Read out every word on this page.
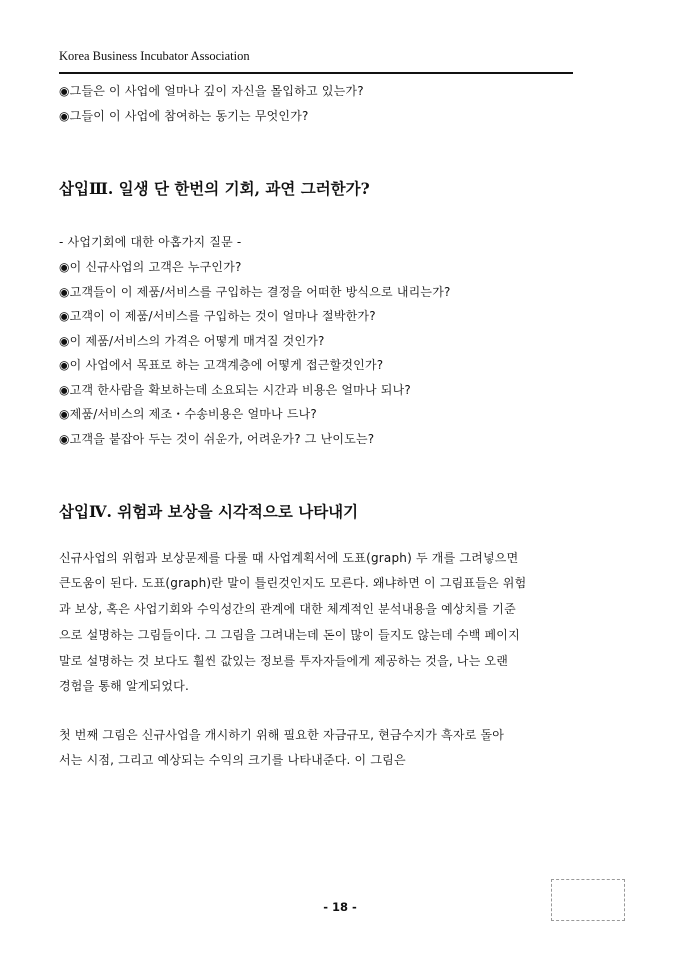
Korea Business Incubator Association
◉그들은 이 사업에 얼마나 깊이 자신을 몰입하고 있는가?
◉그들이 이 사업에 참여하는 동기는 무엇인가?
삽입Ⅲ. 일생 단 한번의 기회, 과연 그러한가?
- 사업기회에 대한 아홉가지 질문 -
◉이 신규사업의 고객은 누구인가?
◉고객들이 이 제품/서비스를 구입하는 결정을 어떠한 방식으로 내리는가?
◉고객이 이 제품/서비스를 구입하는 것이 얼마나 절박한가?
◉이 제품/서비스의 가격은 어떻게 매겨질 것인가?
◉이 사업에서 목표로 하는 고객계층에 어떻게 접근할것인가?
◉고객 한사람을 확보하는데 소요되는 시간과 비용은 얼마나 되나?
◉제품/서비스의 제조・수송비용은 얼마나 드나?
◉고객을 붙잡아 두는 것이 쉬운가, 어려운가? 그 난이도는?
삽입Ⅳ. 위험과 보상을 시각적으로 나타내기
신규사업의 위험과 보상문제를 다룰 때 사업계획서에 도표(graph) 두 개를 그려넣으면
큰도움이 된다. 도표(graph)란 말이 틀린것인지도 모른다. 왜냐하면 이 그림표들은 위험
과 보상, 혹은 사업기회와 수익성간의 관계에 대한 체계적인 분석내용을 예상치를 기준
으로 설명하는 그림들이다. 그 그림을 그려내는데 돈이 많이 들지도 않는데 수백 페이지
말로 설명하는 것 보다도 훨씬 값있는 정보를 투자자들에게 제공하는 것을, 나는 오랜
경험을 통해 알게되었다.
첫 번째 그림은 신규사업을 개시하기 위해 필요한 자금규모, 현금수지가 흑자로 돌아
서는 시점, 그리고 예상되는 수익의 크기를 나타내준다. 이 그림은
- 18 -
